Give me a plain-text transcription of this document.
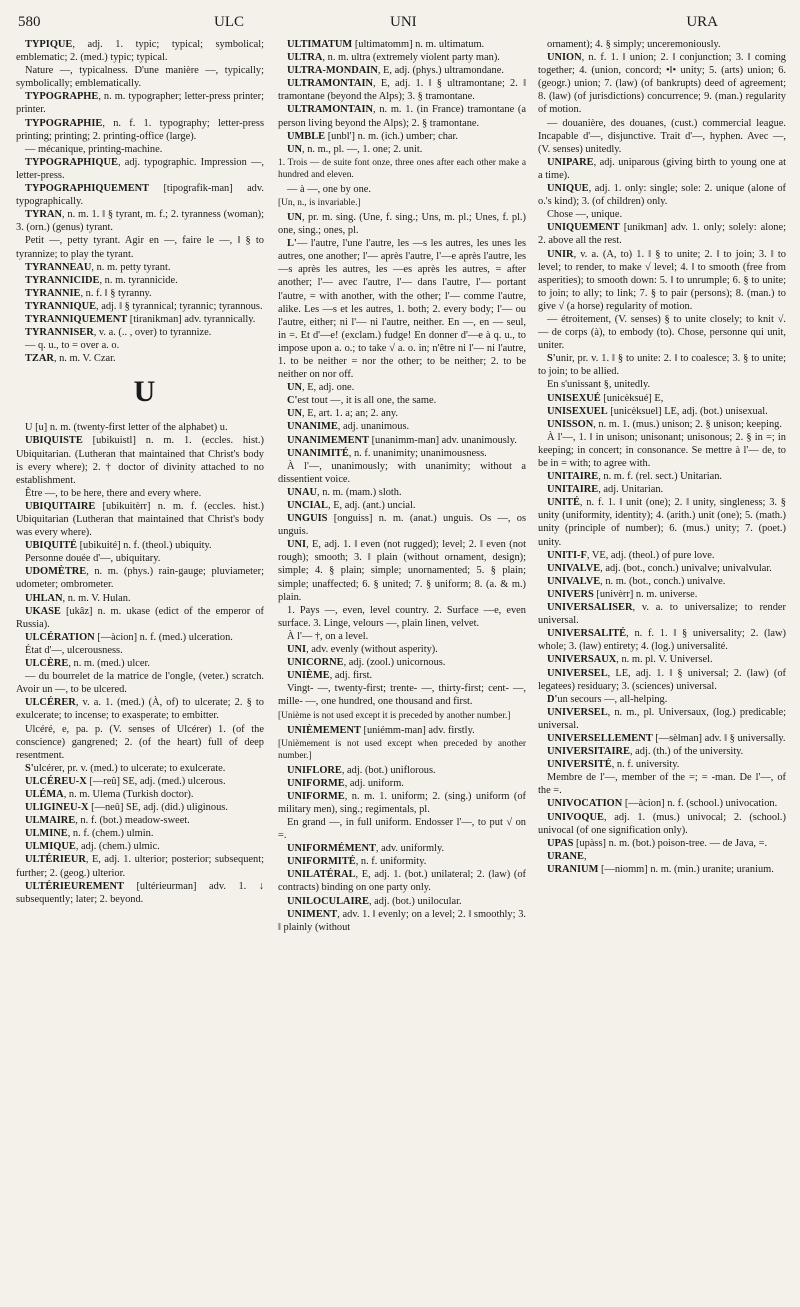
580	ULC	UNI	URA

TYPIQUE, adj. 1. typic; typical; symbolical; emblematic; 2. (med.) typic; typical.

Nature —, typicalness. D'une manière —, typically; symbolically; emblematically.

TYPOGRAPHE, n. m. typographer; letter-press printer; printer.

TYPOGRAPHIE, n. f. 1. typography; letter-press printing; printing; 2. printing-office (large).

— mécanique, printing-machine.

TYPOGRAPHIQUE, adj. typographic. Impression —, letter-press.

TYPOGRAPHIQUEMENT [tipografik-man] adv. typographically.

TYRAN, n. m. 1. ‖ § tyrant, m. f.; 2. tyranness (woman); 3. (orn.) (genus) tyrant.

Petit —, petty tyrant. Agir en —, faire le —, ‖ § to tyrannize; to play the tyrant.

TYRANNEAU, n. m. petty tyrant.

TYRANNICIDE, n. m. tyrannicide.

TYRANNIE, n. f. ‖ § tyranny.

TYRANNIQUE, adj. ‖ § tyrannical; tyrannic; tyrannous.

TYRANNIQUEMENT [tiranikman] adv. tyrannically.

TYRANNISER, v. a. (.. , over) to tyrannize.

— q. u., to = over a. o.

TZAR, n. m. V. Czar.

U

U [u] n. m. (twenty-first letter of the alphabet) u.

UBIQUISTE [ubikuistl] n. m. 1. (eccles. hist.) Ubiquitarian. (Lutheran that maintained that Christ's body is every where); 2. † doctor of divinity attached to no establishment.

Être —, to be here, there and every where.

UBIQUITAIRE [ubikuitèrr] n. m. f. (eccles. hist.) Ubiquitarian (Lutheran that maintained that Christ's body was every where).

UBIQUITÉ [ubikuité] n. f. (theol.) ubiquity.

Personne douée d'—, ubiquitary.

UDOMÈTRE, n. m. (phys.) rain-gauge; pluviameter; udometer; ombrometer.

UHLAN, n. m. V. Hulan.

UKASE [ukâz] n. m. ukase (edict of the emperor of Russia).

ULCÉRATION [—àcion] n. f. (med.) ulceration.

État d'—, ulcerousness.

ULCÈRE, n. m. (med.) ulcer.

— du bourrelet de la matrice de l'ongle, (veter.) scratch. Avoir un —, to be ulcered.

ULCÉRER, v. a. 1. (med.) (À, of) to ulcerate; 2. § to exulcerate; to incense; to exasperate; to embitter.

Ulcéré, e, pa. p. (V. senses of Ulcérer) 1. (of the conscience) gangrened; 2. (of the heart) full of deep resentment.

S'ulcérer, pr. v. (med.) to ulcerate; to exulcerate.

ULCÉREU-X [—reû] SE, adj. (med.) ulcerous.

ULÉMA, n. m. Ulema (Turkish doctor).

ULIGINEU-X [—neû] SE, adj. (did.) uliginous.

ULMAIRE, n. f. (bot.) meadow-sweet.

ULMINE, n. f. (chem.) ulmin.

ULMIQUE, adj. (chem.) ulmic.

ULTÉRIEUR, E, adj. 1. ulterior; posterior; subsequent; further; 2. (geog.) ulterior.

ULTÉRIEUREMENT [ultérieurman] adv. 1. ↓ subsequently; later; 2. beyond.

ULTIMATUM [ultimatomm] n. m. ultimatum.

ULTRA, n. m. ultra (extremely violent party man).

ULTRA-MONDAIN, E, adj. (phys.) ultramondane.

ULTRAMONTAIN, E, adj. 1. ‖ § ultramontane; 2. ‖ tramontane (beyond the Alps); 3. § tramontane.

ULTRAMONTAIN, n. m. 1. (in France) tramontane (a person living beyond the Alps); 2. § tramontane.

UMBLE [unbl'] n. m. (ich.) umber; char.

UN, n. m., pl. —, 1. one; 2. unit.

1. Trois — de suite font onze, three ones after each other make a hundred and eleven.

— à —, one by one.

[Un, n., is invariable.]

UN, pr. m. sing. (Une, f. sing.; Uns, m. pl.; Unes, f. pl.) one, sing.; ones, pl.

L'— l'autre, l'une l'autre, les —s les autres, les unes les autres, one another; l'— après l'autre, l'—e après l'autre, les —s après les autres, les —es après les autres, = after another; l'— avec l'autre, l'— dans l'autre, l'— portant l'autre, = with another, with the other; l'— comme l'autre, alike. Les —s et les autres, 1. both; 2. every body; l'— ou l'autre, either; ni l'— ni l'autre, neither. En —, en — seul, in =. Et d'—e! (exclam.) fudge! En donner d'—e à q. u., to impose upon a. o.; to take √ a. o. in; n'être ni l'— ni l'autre, 1. to be neither = nor the other; to be neither; 2. to be neither on nor off.

UN, E, adj. one.

C'est tout —, it is all one, the same.

UN, E, art. 1. a; an; 2. any.

UNANIME, adj. unanimous.

UNANIMEMENT [unanimm-man] adv. unanimously.

UNANIMITÉ, n. f. unanimity; unanimousness.

À l'—, unanimously; with unanimity; without a dissentient voice.

UNAU, n. m. (mam.) sloth.

UNCIAL, E, adj. (ant.) uncial.

UNGUIS [onguiss] n. m. (anat.) unguis. Os —, os unguis.

UNI, E, adj. 1. ‖ even (not rugged); level; 2. ‖ even (not rough); smooth; 3. ‖ plain (without ornament, design); simple; 4. § plain; simple; unornamented; 5. § plain; simple; unaffected; 6. § united; 7. § uniform; 8. (a. & m.) plain.

1. Pays —, even, level country. 2. Surface —e, even surface. 3. Linge, velours —, plain linen, velvet.

À l'— †, on a level.

UNI, adv. evenly (without asperity).

UNICORNE, adj. (zool.) unicornous.

UNIÈME, adj. first.

Vingt- —, twenty-first; trente- —, thirty-first; cent- —, mille- —, one hundred, one thousand and first.

[Unième is not used except it is preceded by another number.]

UNIÈMEMENT [uniémm-man] adv. firstly.

[Unièmement is not used except when preceded by another number.]

UNIFLORE, adj. (bot.) uniflorous.

UNIFORME, adj. uniform.

UNIFORME, n. m. 1. uniform; 2. (sing.) uniform (of military men), sing.; regimentals, pl.

En grand —, in full uniform. Endosser l'—, to put √ on =.

UNIFORMÉMENT, adv. uniformly.

UNIFORMITÉ, n. f. uniformity.

UNILATÉRAL, E, adj. 1. (bot.) unilateral; 2. (law) (of contracts) binding on one party only.

UNILOCULAIRE, adj. (bot.) unilocular.

UNIMENT, adv. 1. ‖ evenly; on a level; 2. ‖ smoothly; 3. ‖ plainly (without

ornament); 4. § simply; unceremoniously.

UNION, n. f. 1. ‖ union; 2. ‖ conjunction; 3. ‖ coming together; 4. (union, concord; •‖• unity; 5. (arts) union; 6. (geogr.) union; 7. (law) (of bankrupts) deed of agreement; 8. (law) (of jurisdictions) concurrence; 9. (man.) regularity of motion.

— douanière, des douanes, (cust.) commercial league. Incapable d'—, disjunctive. Trait d'—, hyphen. Avec —, (V. senses) unitedly.

UNIPARE, adj. uniparous (giving birth to young one at a time).

UNIQUE, adj. 1. only: single; sole: 2. unique (alone of o.'s kind); 3. (of children) only.

Chose —, unique.

UNIQUEMENT [unikman] adv. 1. only; solely: alone; 2. above all the rest.

UNIR, v. a. (A, to) 1. ‖ § to unite; 2. ‖ to join; 3. ‖ to level; to render, to make √ level; 4. ‖ to smooth (free from asperities); to smooth down: 5. ‖ to unrumple; 6. § to unite; to join; to ally; to link; 7. § to pair (persons); 8. (man.) to give √ (a horse) regularity of motion.

— étroitement, (V. senses) § to unite closely; to knit √. — de corps (à), to embody (to). Chose, personne qui unit, uniter.

S'unir, pr. v. 1. ‖ § to unite: 2. ‖ to coalesce; 3. § to unite; to join; to be allied.

En s'unissant §, unitedly.

UNISEXUÉ [unicèksué] E,

UNISEXUEL [unicèksuel] LE, adj. (bot.) unisexual.

UNISSON, n. m. 1. (mus.) unison; 2. § unison; keeping.

À l'—, 1. ‖ in unison; unisonant; unisonous; 2. § in =; in keeping; in concert; in consonance. Se mettre à l'— de, to be in = with; to agree with.

UNITAIRE, n. m. f. (rel. sect.) Unitarian.

UNITAIRE, adj. Unitarian.

UNITÉ, n. f. 1. ‖ unit (one); 2. ‖ unity, singleness; 3. § unity (uniformity, identity); 4. (arith.) unit (one); 5. (math.) unity (principle of number); 6. (mus.) unity; 7. (poet.) unity.

UNITI-F, VE, adj. (theol.) of pure love.

UNIVALVE, adj. (bot., conch.) univalve; univalvular.

UNIVALVE, n. m. (bot., conch.) univalve.

UNIVERS [univèrr] n. m. universe.

UNIVERSALISER, v. a. to universalize; to render universal.

UNIVERSALITÉ, n. f. 1. ‖ § universality; 2. (law) whole; 3. (law) entirety; 4. (log.) universalité.

UNIVERSAUX, n. m. pl. V. Universel.

UNIVERSEL, LE, adj. 1. ‖ § universal; 2. (law) (of legatees) residuary; 3. (sciences) universal.

D'un secours —, all-helping.

UNIVERSEL, n. m., pl. Universaux, (log.) predicable; universal.

UNIVERSELLEMENT [—sèlman] adv. ‖ § universally.

UNIVERSITAIRE, adj. (th.) of the university.

UNIVERSITÉ, n. f. university.

Membre de l'—, member of the =; = -man. De l'—, of the =.

UNIVOCATION [—àcion] n. f. (school.) univocation.

UNIVOQUE, adj. 1. (mus.) univocal; 2. (school.) univocal (of one signification only).

UPAS [upàss] n. m. (bot.) poison-tree. — de Java, =.

URANE,

URANIUM [—niomm] n. m. (min.) uranite; uranium.
